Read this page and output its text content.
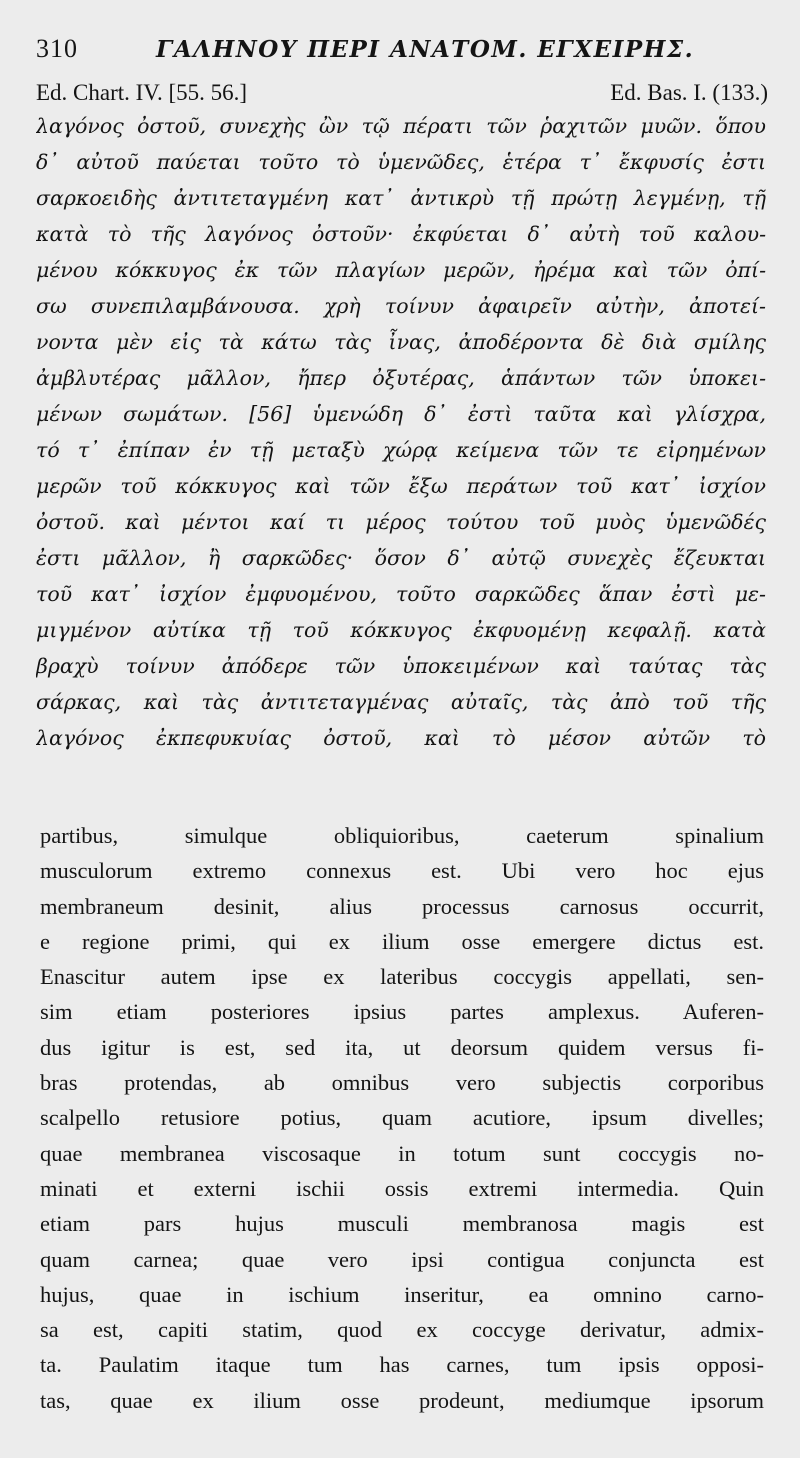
310	ΓΑΛΗΝΟΥ ΠΕΡΙ ΑΝΑΤΟΜ. ΕΓΧΕΙΡΗΣ.
Ed. Chart. IV. [55. 56.]	Ed. Bas. I. (133.)
λαγόνος ὀστοῦ, συνεχὴς ὢν τῷ πέρατι τῶν ῥαχιτῶν μυῶν. ὅπου
δ᾽ αὐτοῦ παύεται τοῦτο τὸ ὑμενῶδες, ἑτέρα τ᾽ ἔκφυσίς ἐστι
σαρκοειδὴς ἀντιτεταγμένη κατ᾽ ἀντικρὺ τῇ πρώτῃ λεγμένῃ, τῇ
κατὰ τὸ τῆς λαγόνος ὀστοῦν· ἐκφύεται δ᾽ αὐτὴ τοῦ καλου-
μένου κόκκυγος ἐκ τῶν πλαγίων μερῶν, ἠρέμα καὶ τῶν ὀπί-
σω συνεπιλαμβάνουσα. χρὴ τοίνυν ἀφαιρεῖν αὐτὴν, ἀποτεί-
νοντα μὲν εἰς τὰ κάτω τὰς ἶνας, ἀποδέροντα δὲ διὰ σμίλης
ἀμβλυτέρας μᾶλλον, ἤπερ ὀξυτέρας, ἁπάντων τῶν ὑποκει-
μένων σωμάτων. [56] ὑμενώδη δ᾽ ἐστὶ ταῦτα καὶ γλίσχρα,
τό τ᾽ ἐπίπαν ἐν τῇ μεταξὺ χώρᾳ κείμενα τῶν τε εἰρημένων
μερῶν τοῦ κόκκυγος καὶ τῶν ἔξω περάτων τοῦ κατ᾽ ἰσχίον
ὀστοῦ. καὶ μέντοι καί τι μέρος τούτου τοῦ μυὸς ὑμενῶδές
ἐστι μᾶλλον, ἢ σαρκῶδες· ὅσον δ᾽ αὐτῷ συνεχὲς ἔζευκται
τοῦ κατ᾽ ἰσχίον ἐμφυομένου, τοῦτο σαρκῶδες ἅπαν ἐστὶ με-
μιγμένον αὐτίκα τῇ τοῦ κόκκυγος ἐκφυομένῃ κεφαλῇ. κατὰ
βραχὺ τοίνυν ἀπόδερε τῶν ὑποκειμένων καὶ ταύτας τὰς
σάρκας, καὶ τὰς ἀντιτεταγμένας αὐταῖς, τὰς ἀπὸ τοῦ τῆς
λαγόνος ἐκπεφυκυίας ὀστοῦ, καὶ τὸ μέσον αὐτῶν τὸ
partibus, simulque obliquioribus, caeterum spinalium
musculorum extremo connexus est. Ubi vero hoc ejus
membraneum desinit, alius processus carnosus occurrit,
e regione primi, qui ex ilium osse emergere dictus est.
Enascitur autem ipse ex lateribus coccygis appellati, sen-
sim etiam posteriores ipsius partes amplexus. Auferen-
dus igitur is est, sed ita, ut deorsum quidem versus fi-
bras protendas, ab omnibus vero subjectis corporibus
scalpello retusiore potius, quam acutiore, ipsum divelles;
quae membranea viscosaque in totum sunt coccygis no-
minati et externi ischii ossis extremi intermedia. Quin
etiam pars hujus musculi membranosa magis est
quam carnea; quae vero ipsi contigua conjuncta est
hujus, quae in ischium inseritur, ea omnino carno-
sa est, capiti statim, quod ex coccyge derivatur, admix-
ta. Paulatim itaque tum has carnes, tum ipsis opposi-
tas, quae ex ilium osse prodeunt, mediumque ipsorum
